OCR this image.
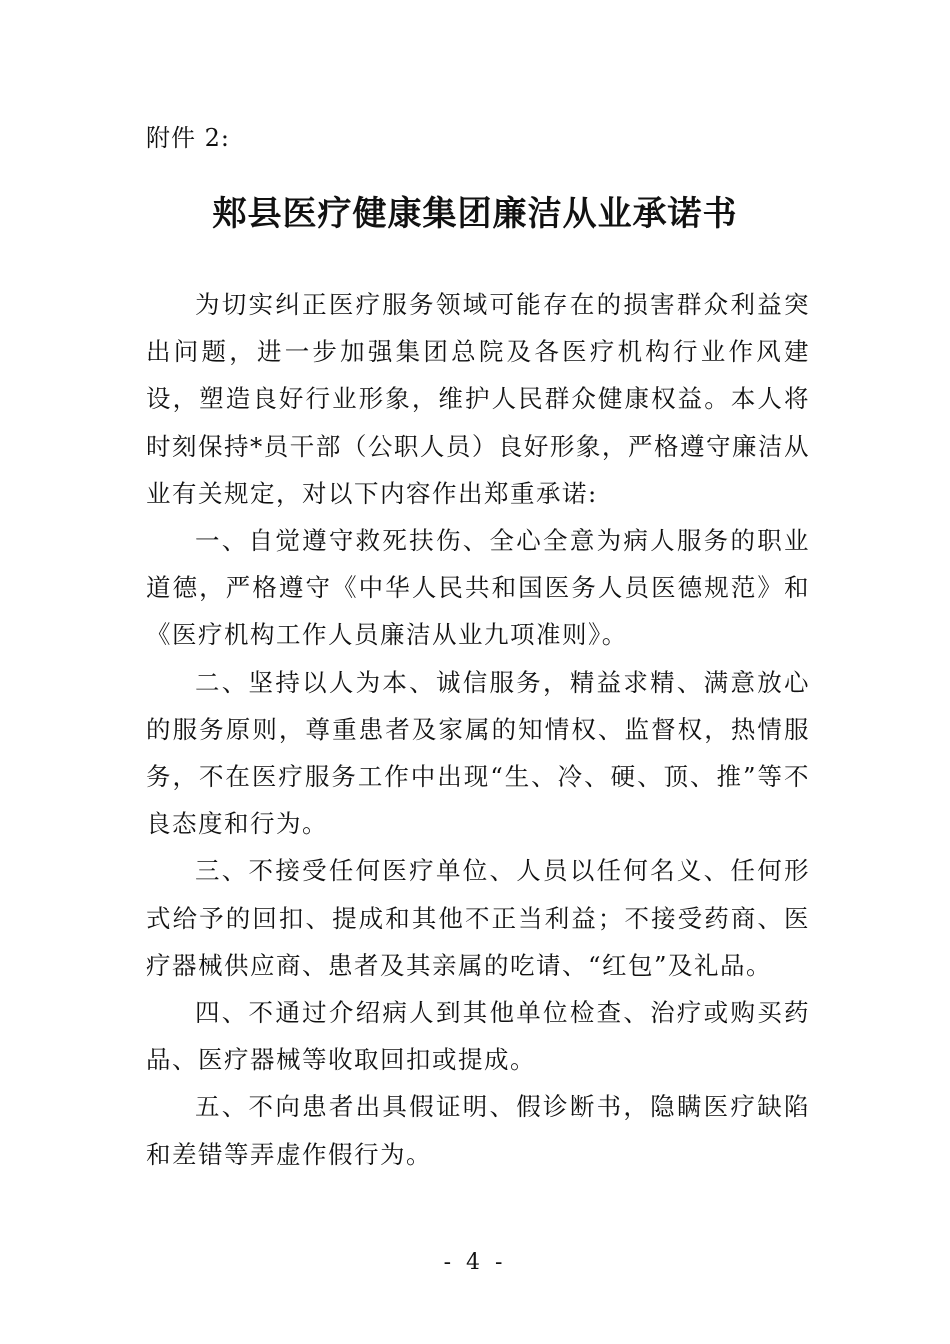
附件 2:
郏县医疗健康集团廉洁从业承诺书

为切实纠正医疗服务领域可能存在的损害群众利益突出问题，进一步加强集团总院及各医疗机构行业作风建设，塑造良好行业形象，维护人民群众健康权益。本人将时刻保持*员干部（公职人员）良好形象，严格遵守廉洁从业有关规定，对以下内容作出郑重承诺:

一、自觉遵守救死扶伤、全心全意为病人服务的职业道德，严格遵守《中华人民共和国医务人员医德规范》和《医疗机构工作人员廉洁从业九项准则》。

二、坚持以人为本、诚信服务，精益求精、满意放心的服务原则，尊重患者及家属的知情权、监督权，热情服务，不在医疗服务工作中出现“生、冷、硬、顶、推”等不良态度和行为。

三、不接受任何医疗单位、人员以任何名义、任何形式给予的回扣、提成和其他不正当利益；不接受药商、医疗器械供应商、患者及其亲属的吃请、“红包”及礼品。

四、不通过介绍病人到其他单位检查、治疗或购买药品、医疗器械等收取回扣或提成。

五、不向患者出具假证明、假诊断书，隐瞒医疗缺陷和差错等弄虚作假行为。

- 4 -
